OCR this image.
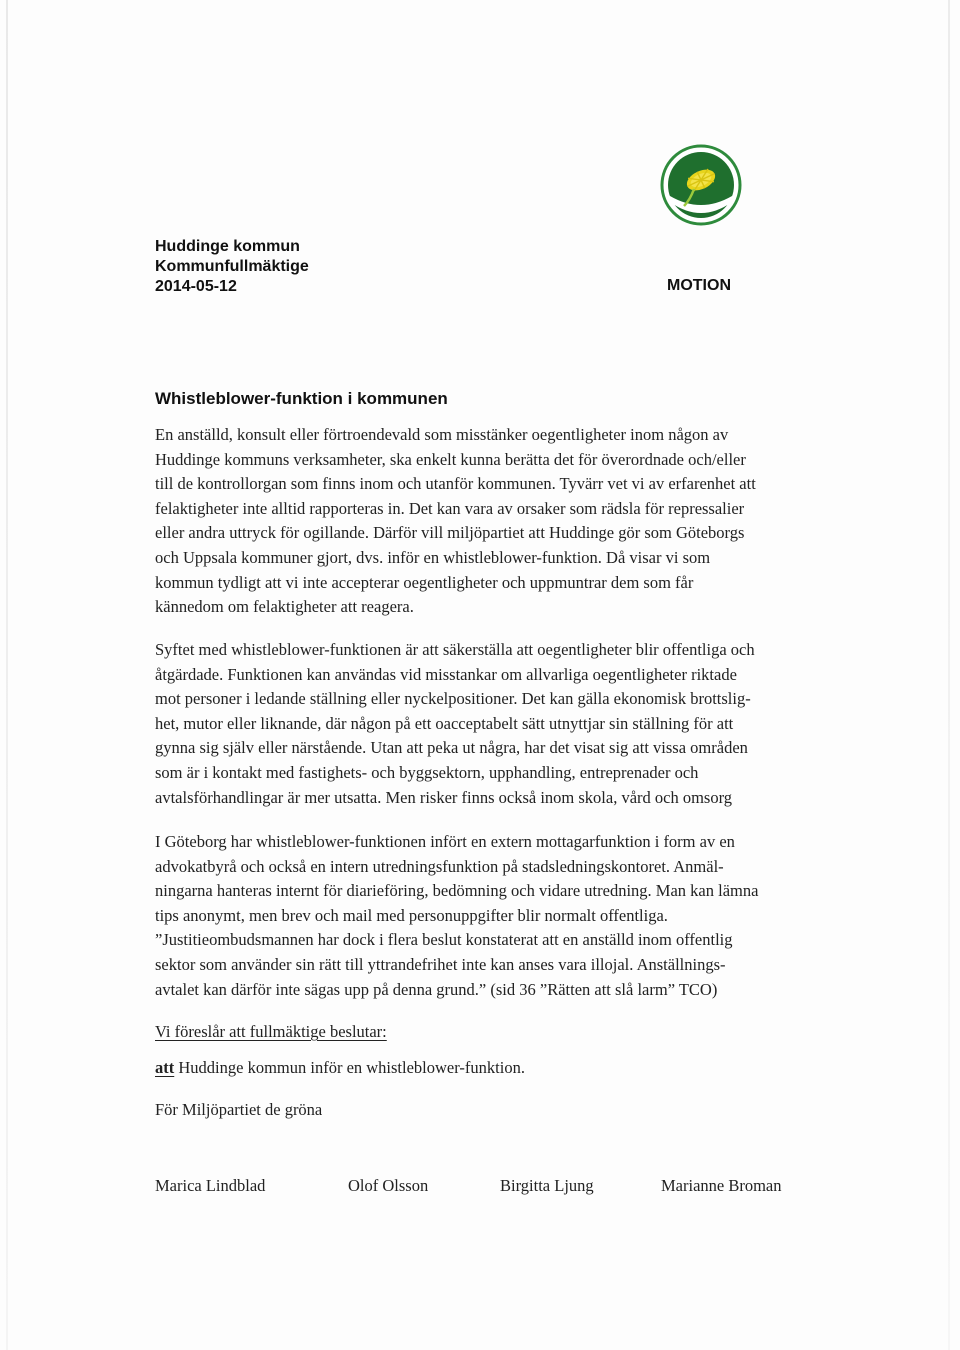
Huddinge kommun
Kommunfullmäktige
2014-05-12	MOTION
Whistleblower-funktion i kommunen
En anställd, konsult eller förtroendevald som misstänker oegentligheter inom någon av
Huddinge kommuns verksamheter, ska enkelt kunna berätta det för överordnade och/eller
till de kontrollorgan som finns inom och utanför kommunen. Tyvärr vet vi av erfarenhet att
felaktigheter inte alltid rapporteras in. Det kan vara av orsaker som rädsla för repressalier
eller andra uttryck för ogillande. Därför vill miljöpartiet att Huddinge gör som Göteborgs
och Uppsala kommuner gjort, dvs. inför en whistleblower-funktion. Då visar vi som
kommun tydligt att vi inte accepterar oegentligheter och uppmuntrar dem som får
kännedom om felaktigheter att reagera.
Syftet med whistleblower-funktionen är att säkerställa att oegentligheter blir offentliga och
åtgärdade. Funktionen kan användas vid misstankar om allvarliga oegentligheter riktade
mot personer i ledande ställning eller nyckelpositioner. Det kan gälla ekonomisk brottslig-
het, mutor eller liknande, där någon på ett oacceptabelt sätt utnyttjar sin ställning för att
gynna sig själv eller närstående. Utan att peka ut några, har det visat sig att vissa områden
som är i kontakt med fastighets- och byggsektorn, upphandling, entreprenader och
avtalsförhandlingar är mer utsatta. Men risker finns också inom skola, vård och omsorg
I Göteborg har whistleblower-funktionen infört en extern mottagarfunktion i form av en
advokatbyrå och också en intern utredningsfunktion på stadsledningskontoret. Anmäl-
ningarna hanteras internt för diarieföring, bedömning och vidare utredning. Man kan lämna
tips anonymt, men brev och mail med personuppgifter blir normalt offentliga.
”Justitieombudsmannen har dock i flera beslut konstaterat att en anställd inom offentlig
sektor som använder sin rätt till yttrandefrihet inte kan anses vara illojal. Anställnings-
avtalet kan därför inte sägas upp på denna grund.” (sid 36 ”Rätten att slå larm” TCO)
Vi föreslår att fullmäktige beslutar:
att Huddinge kommun inför en whistleblower-funktion.
För Miljöpartiet de gröna
Marica Lindblad	Olof Olsson	Birgitta Ljung	Marianne Broman
